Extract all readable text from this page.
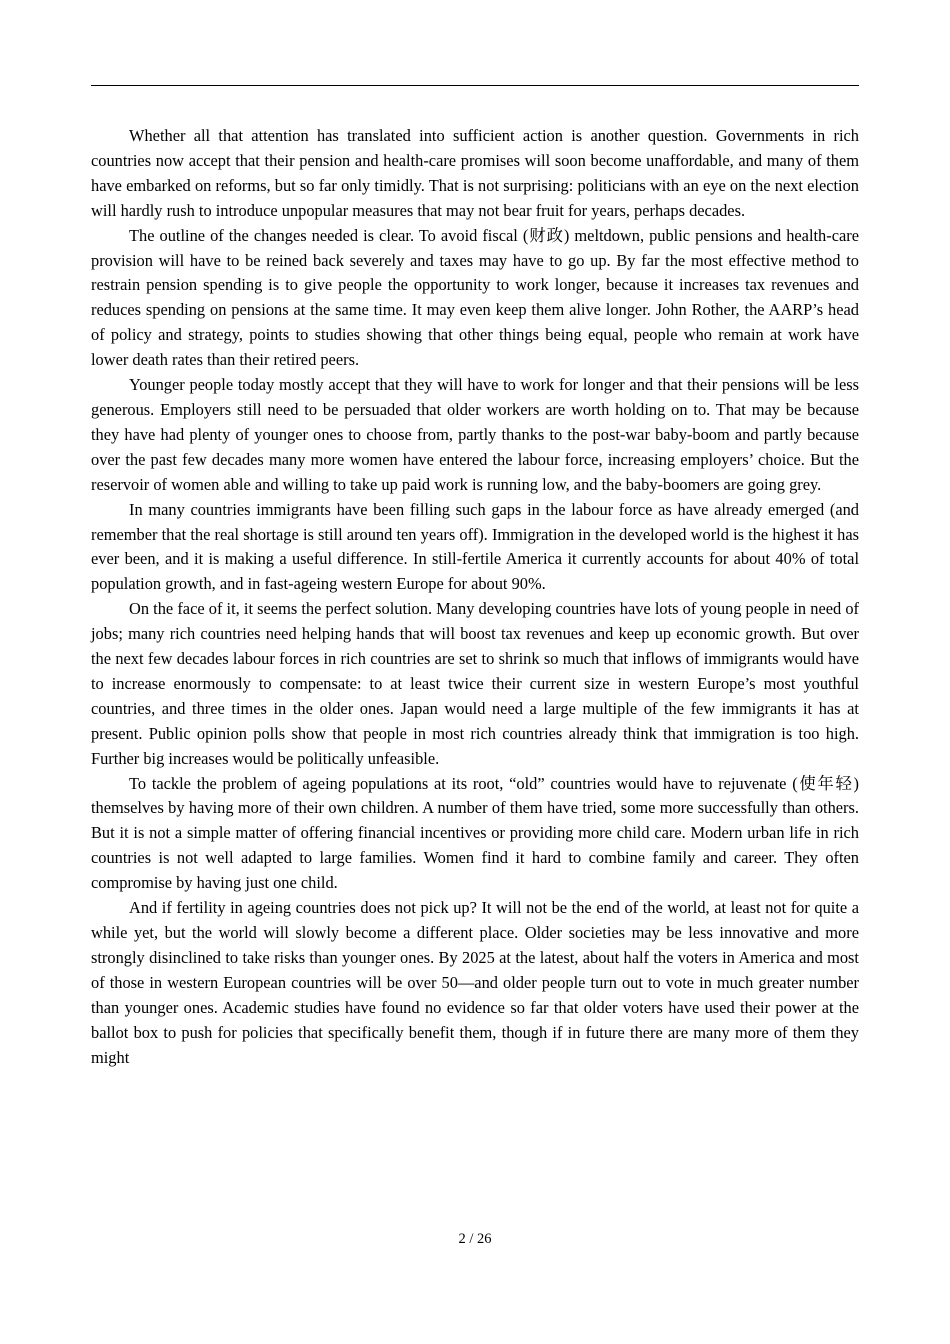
Whether all that attention has translated into sufficient action is another question. Governments in rich countries now accept that their pension and health-care promises will soon become unaffordable, and many of them have embarked on reforms, but so far only timidly. That is not surprising: politicians with an eye on the next election will hardly rush to introduce unpopular measures that may not bear fruit for years, perhaps decades.

The outline of the changes needed is clear. To avoid fiscal (财政) meltdown, public pensions and health-care provision will have to be reined back severely and taxes may have to go up. By far the most effective method to restrain pension spending is to give people the opportunity to work longer, because it increases tax revenues and reduces spending on pensions at the same time. It may even keep them alive longer. John Rother, the AARP’s head of policy and strategy, points to studies showing that other things being equal, people who remain at work have lower death rates than their retired peers.

Younger people today mostly accept that they will have to work for longer and that their pensions will be less generous. Employers still need to be persuaded that older workers are worth holding on to. That may be because they have had plenty of younger ones to choose from, partly thanks to the post-war baby-boom and partly because over the past few decades many more women have entered the labour force, increasing employers’ choice. But the reservoir of women able and willing to take up paid work is running low, and the baby-boomers are going grey.

In many countries immigrants have been filling such gaps in the labour force as have already emerged (and remember that the real shortage is still around ten years off). Immigration in the developed world is the highest it has ever been, and it is making a useful difference. In still-fertile America it currently accounts for about 40% of total population growth, and in fast-ageing western Europe for about 90%.

On the face of it, it seems the perfect solution. Many developing countries have lots of young people in need of jobs; many rich countries need helping hands that will boost tax revenues and keep up economic growth. But over the next few decades labour forces in rich countries are set to shrink so much that inflows of immigrants would have to increase enormously to compensate: to at least twice their current size in western Europe’s most youthful countries, and three times in the older ones. Japan would need a large multiple of the few immigrants it has at present. Public opinion polls show that people in most rich countries already think that immigration is too high. Further big increases would be politically unfeasible.

To tackle the problem of ageing populations at its root, “old” countries would have to rejuvenate (使年轻) themselves by having more of their own children. A number of them have tried, some more successfully than others. But it is not a simple matter of offering financial incentives or providing more child care. Modern urban life in rich countries is not well adapted to large families. Women find it hard to combine family and career. They often compromise by having just one child.

And if fertility in ageing countries does not pick up? It will not be the end of the world, at least not for quite a while yet, but the world will slowly become a different place. Older societies may be less innovative and more strongly disinclined to take risks than younger ones. By 2025 at the latest, about half the voters in America and most of those in western European countries will be over 50—and older people turn out to vote in much greater number than younger ones. Academic studies have found no evidence so far that older voters have used their power at the ballot box to push for policies that specifically benefit them, though if in future there are many more of them they might

2 / 26
